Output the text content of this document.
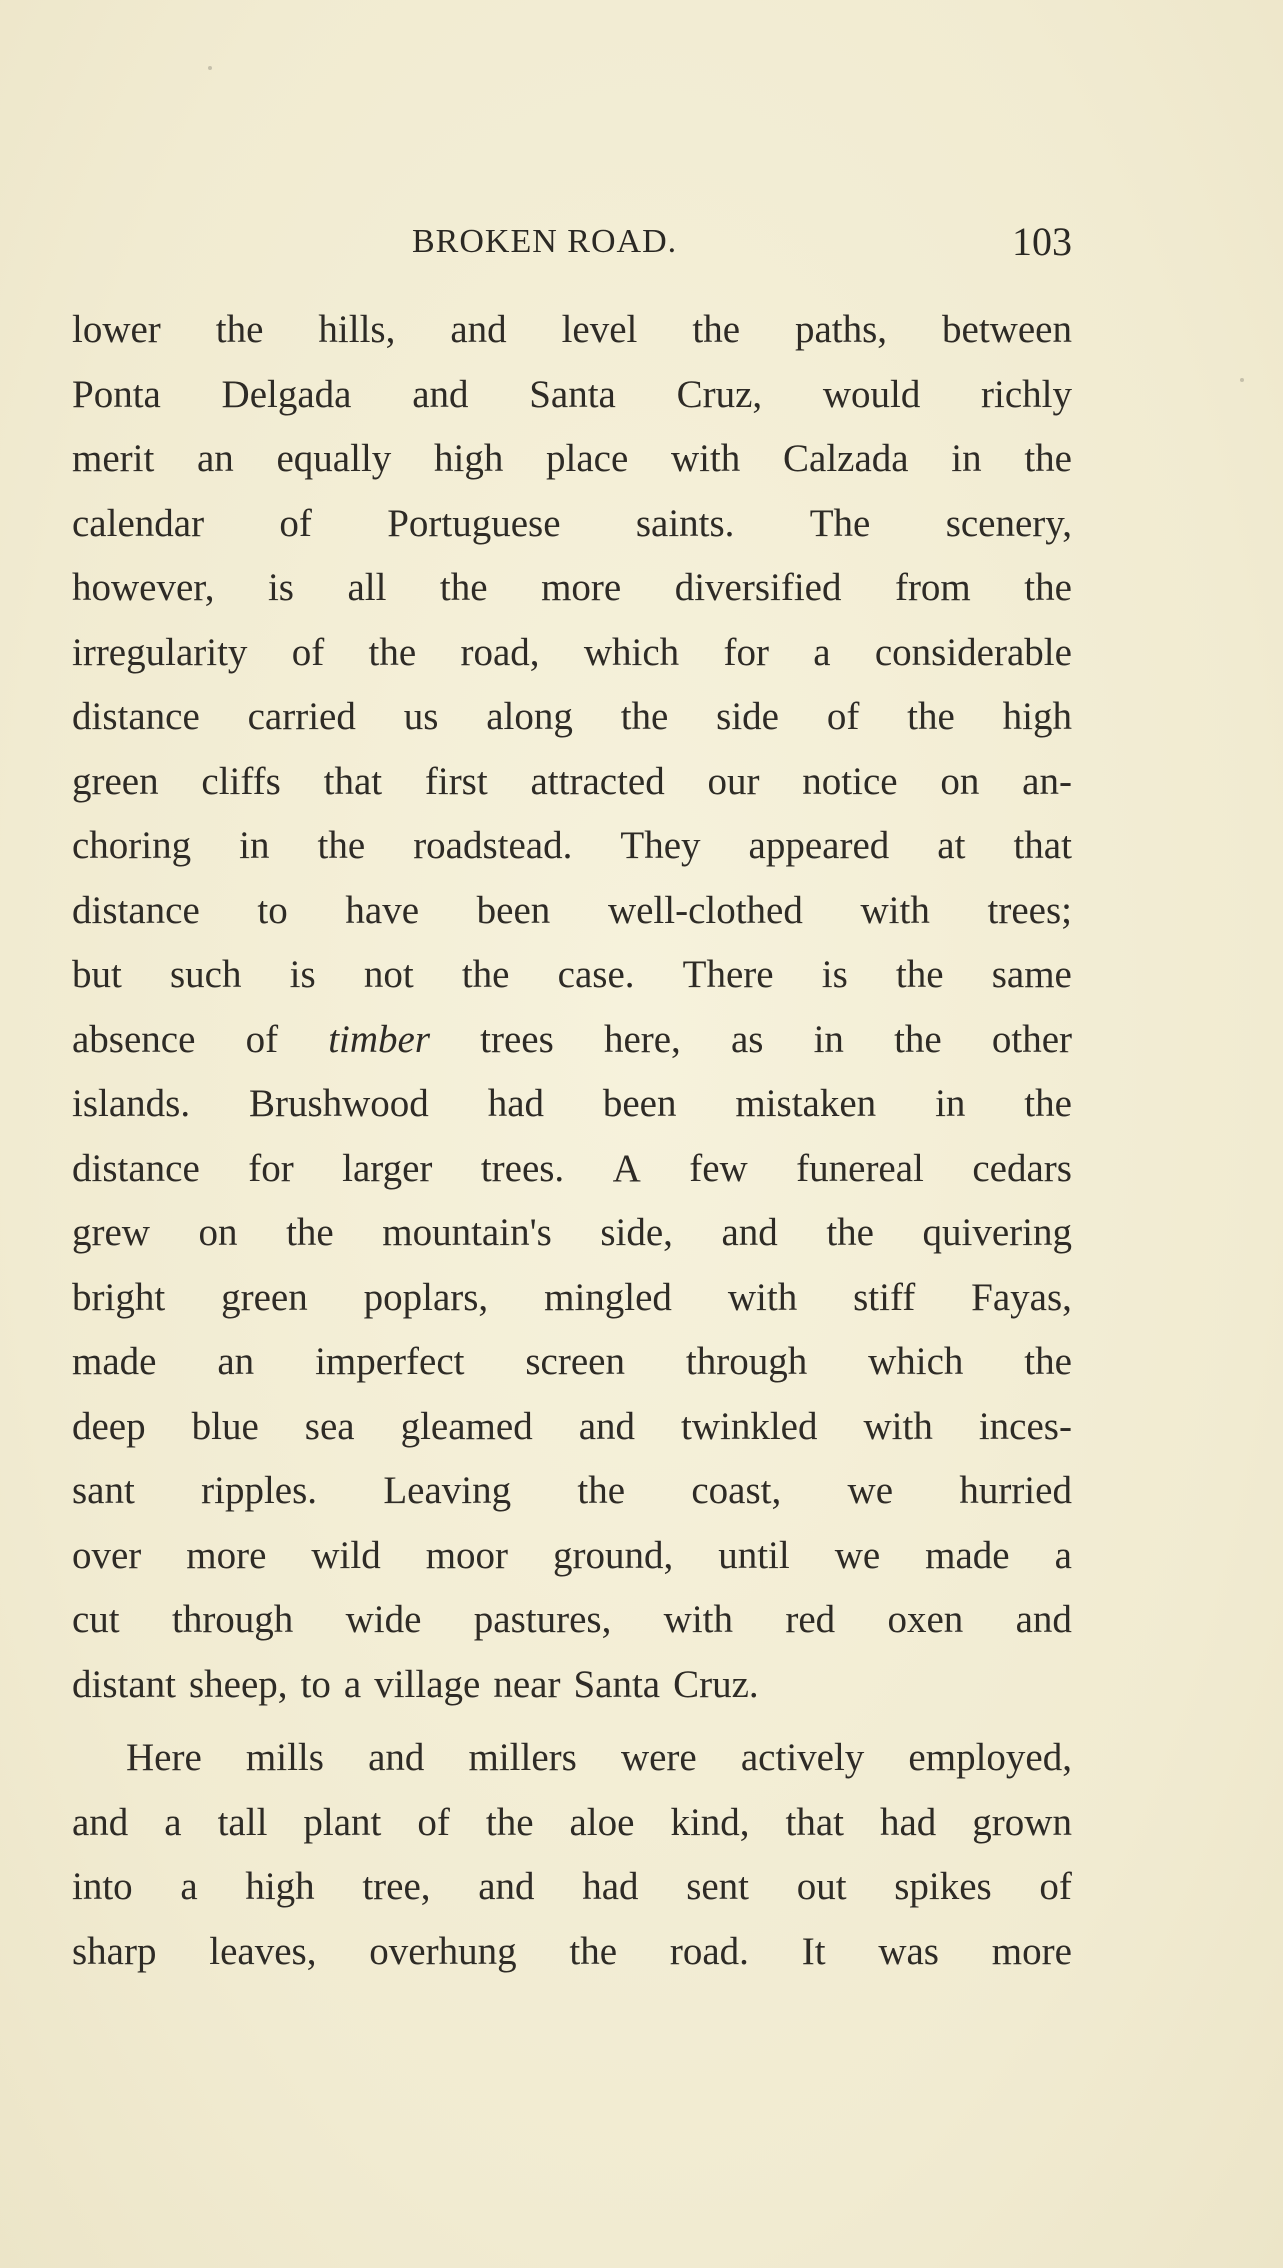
BROKEN ROAD.	103
lower the hills, and level the paths, between
Ponta Delgada and Santa Cruz, would richly
merit an equally high place with Calzada in the
calendar of Portuguese saints. The scenery,
however, is all the more diversified from the
irregularity of the road, which for a considerable
distance carried us along the side of the high
green cliffs that first attracted our notice on an-
choring in the roadstead. They appeared at that
distance to have been well-clothed with trees;
but such is not the case. There is the same
absence of timber trees here, as in the other
islands. Brushwood had been mistaken in the
distance for larger trees. A few funereal cedars
grew on the mountain's side, and the quivering
bright green poplars, mingled with stiff Fayas,
made an imperfect screen through which the
deep blue sea gleamed and twinkled with inces-
sant ripples. Leaving the coast, we hurried
over more wild moor ground, until we made a
cut through wide pastures, with red oxen and
distant sheep, to a village near Santa Cruz.
Here mills and millers were actively employed,
and a tall plant of the aloe kind, that had grown
into a high tree, and had sent out spikes of
sharp leaves, overhung the road. It was more
